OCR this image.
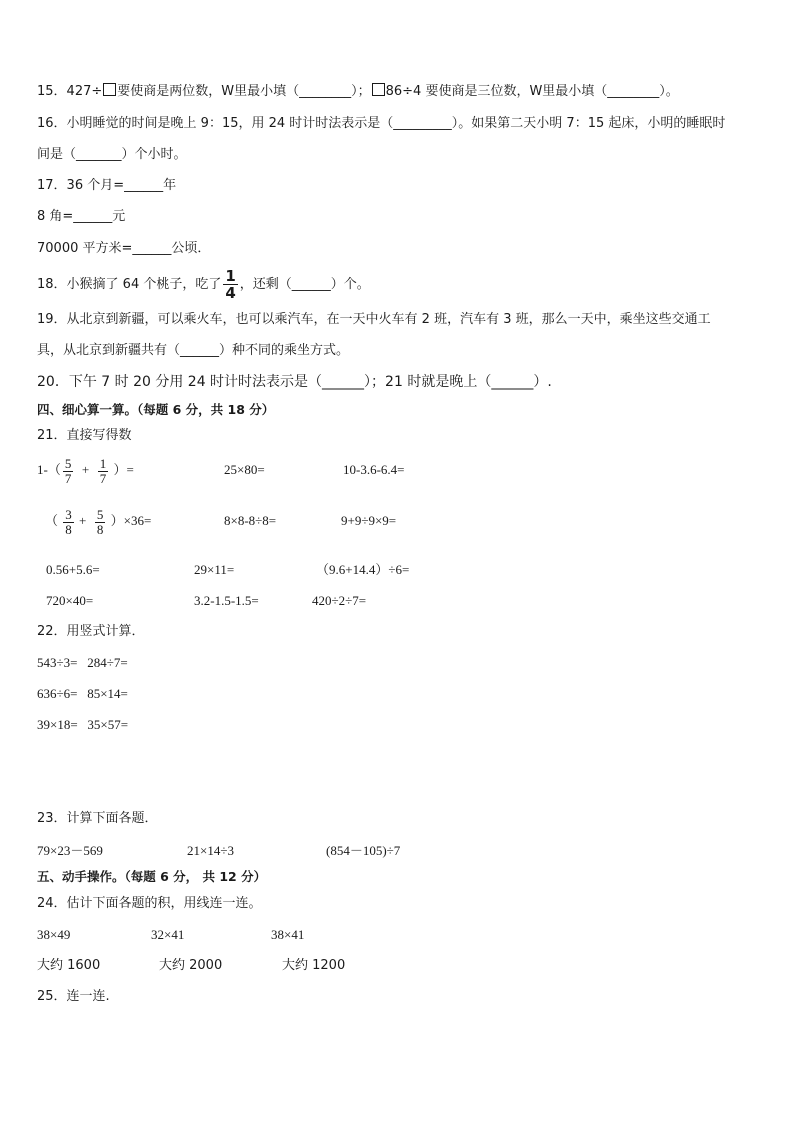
15．427÷ 要使商是两位数，W里最小填（________）； 86÷4 要使商是三位数，W里最小填（________）。
16．小明睡觉的时间是晚上 9：15，用 24 时计时法表示是（_________）。如果第二天小明 7：15 起床，小明的睡眠时
间是（_______）个小时。
17．36 个月=______年
8 角=______元
70000 平方米=______公顷．
18．小猴摘了 64 个桃子，吃了 $\frac{1}{4}$ ，还剩（______）个。
19．从北京到新疆，可以乘火车，也可以乘汽车，在一天中火车有 2 班，汽车有 3 班，那么一天中，乘坐这些交通工
具，从北京到新疆共有（______）种不同的乘坐方式。
20．下午 7 时 20 分用 24 时计时法表示是（______）；21 时就是晚上（______）.
四、细心算一算。（每题 6 分，共 18 分）
21．直接写得数
$1-( \frac{5}{7} + \frac{1}{7}$ ）=	25×80=	10-3.6-6.4=
（ $\frac{3}{8} + \frac{5}{8} )\times 36=$	8×8-8÷8=	9+9÷9×9=
0.56+5.6=	29×11=	（9.6+14.4）÷6=
720×40=	3.2-1.5-1.5=	420÷2÷7=
22．用竖式计算．
543÷3=   284÷7=
636÷6=   85×14=
39×18=   35×57=
23．计算下面各题．
79×23－569	21×14÷3	(854－105)÷7
五、动手操作。（每题 6 分， 共 12 分）
24．估计下面各题的积，用线连一连。
38×49	32×41	38×41
大约 1600	大约 2000	大约 1200
25．连一连.
